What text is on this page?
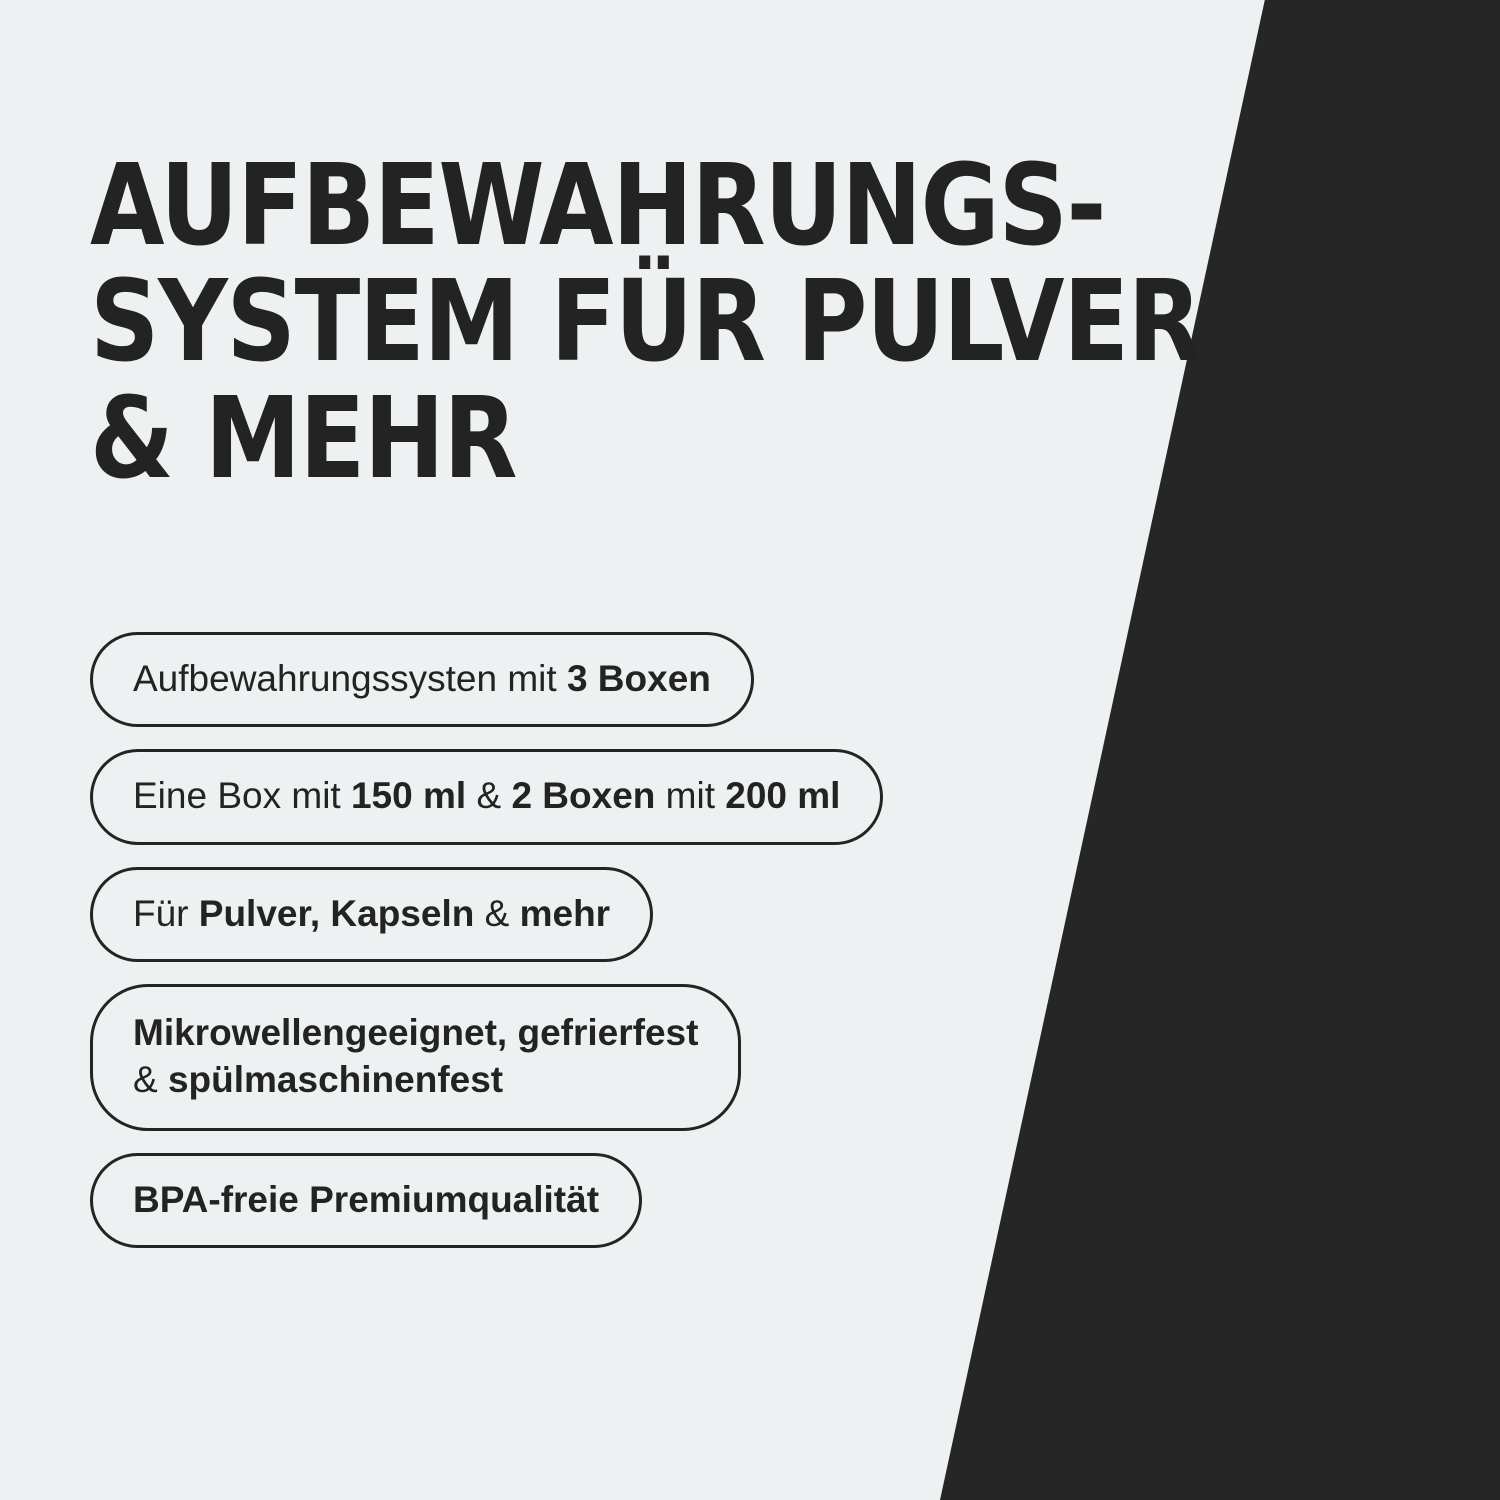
AUFBEWAHRUNGS-
SYSTEM FÜR PULVER
& MEHR
Aufbewahrungssysten mit 3 Boxen
Eine Box mit 150 ml & 2 Boxen mit 200 ml
Für Pulver, Kapseln & mehr
Mikrowellengeeignet, gefrierfest
& spülmaschinenfest
BPA-freie Premiumqualität
